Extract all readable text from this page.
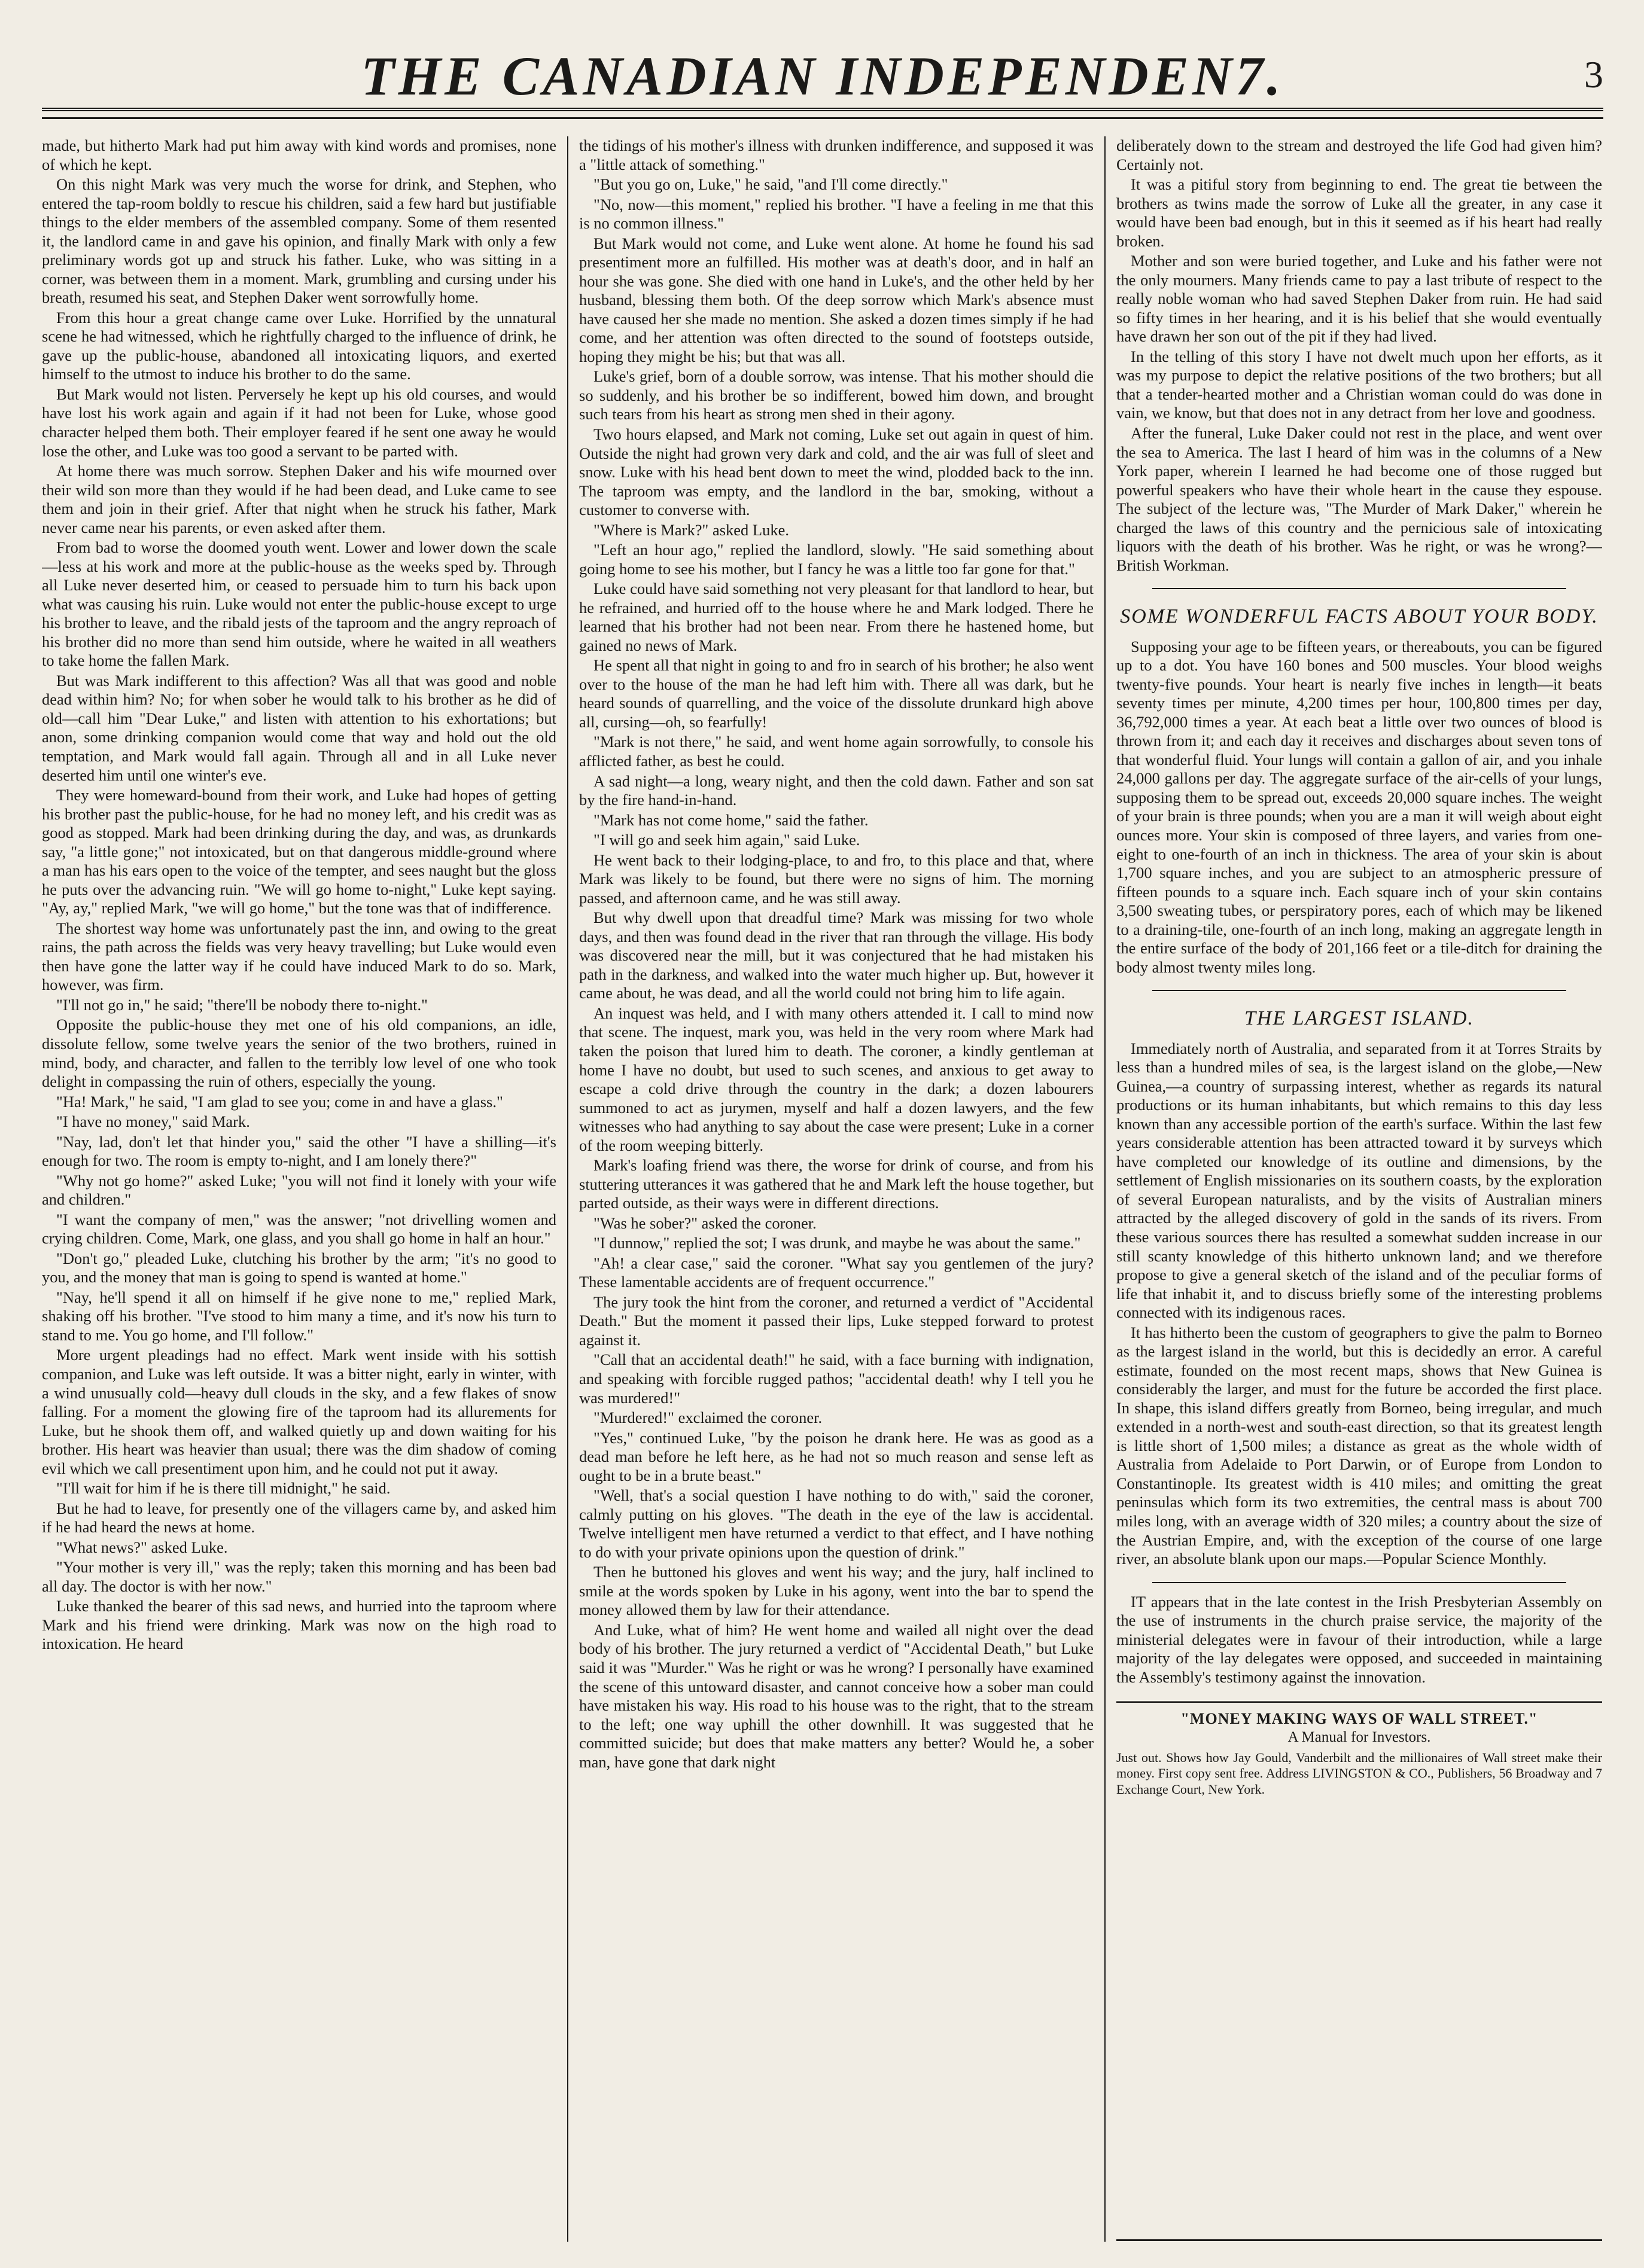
THE CANADIAN INDEPENDEN7.	3

made, but hitherto Mark had put him away with kind words and promises, none of which he kept.

On this night Mark was very much the worse for drink, and Stephen, who entered the tap-room boldly to rescue his children, said a few hard but justifiable things to the elder members of the assembled company. Some of them resented it, the landlord came in and gave his opinion, and finally Mark with only a few preliminary words got up and struck his father. Luke, who was sitting in a corner, was between them in a moment. Mark, grumbling and cursing under his breath, resumed his seat, and Stephen Daker went sorrowfully home.

From this hour a great change came over Luke. Horrified by the unnatural scene he had witnessed, which he rightfully charged to the influence of drink, he gave up the public-house, abandoned all intoxicating liquors, and exerted himself to the utmost to induce his brother to do the same.

But Mark would not listen. Perversely he kept up his old courses, and would have lost his work again and again if it had not been for Luke, whose good character helped them both. Their employer feared if he sent one away he would lose the other, and Luke was too good a servant to be parted with.

At home there was much sorrow. Stephen Daker and his wife mourned over their wild son more than they would if he had been dead, and Luke came to see them and join in their grief. After that night when he struck his father, Mark never came near his parents, or even asked after them.

From bad to worse the doomed youth went. Lower and lower down the scale—less at his work and more at the public-house as the weeks sped by. Through all Luke never deserted him, or ceased to persuade him to turn his back upon what was causing his ruin. Luke would not enter the public-house except to urge his brother to leave, and the ribald jests of the taproom and the angry reproach of his brother did no more than send him outside, where he waited in all weathers to take home the fallen Mark.

But was Mark indifferent to this affection? Was all that was good and noble dead within him? No; for when sober he would talk to his brother as he did of old—call him "Dear Luke," and listen with attention to his exhortations; but anon, some drinking companion would come that way and hold out the old temptation, and Mark would fall again. Through all and in all Luke never deserted him until one winter's eve.

They were homeward-bound from their work, and Luke had hopes of getting his brother past the public-house, for he had no money left, and his credit was as good as stopped. Mark had been drinking during the day, and was, as drunkards say, "a little gone;" not intoxicated, but on that dangerous middle-ground where a man has his ears open to the voice of the tempter, and sees naught but the gloss he puts over the advancing ruin. "We will go home to-night," Luke kept saying. "Ay, ay," replied Mark, "we will go home," but the tone was that of indifference.

The shortest way home was unfortunately past the inn, and owing to the great rains, the path across the fields was very heavy travelling; but Luke would even then have gone the latter way if he could have induced Mark to do so. Mark, however, was firm.

"I'll not go in," he said; "there'll be nobody there to-night."

Opposite the public-house they met one of his old companions, an idle, dissolute fellow, some twelve years the senior of the two brothers, ruined in mind, body, and character, and fallen to the terribly low level of one who took delight in compassing the ruin of others, especially the young.

"Ha! Mark," he said, "I am glad to see you; come in and have a glass."

"I have no money," said Mark.

"Nay, lad, don't let that hinder you," said the other "I have a shilling—it's enough for two. The room is empty to-night, and I am lonely there?"

"Why not go home?" asked Luke; "you will not find it lonely with your wife and children."

"I want the company of men," was the answer; "not drivelling women and crying children. Come, Mark, one glass, and you shall go home in half an hour."

"Don't go," pleaded Luke, clutching his brother by the arm; "it's no good to you, and the money that man is going to spend is wanted at home."

"Nay, he'll spend it all on himself if he give none to me," replied Mark, shaking off his brother. "I've stood to him many a time, and it's now his turn to stand to me. You go home, and I'll follow."

More urgent pleadings had no effect. Mark went inside with his sottish companion, and Luke was left outside. It was a bitter night, early in winter, with a wind unusually cold—heavy dull clouds in the sky, and a few flakes of snow falling. For a moment the glowing fire of the taproom had its allurements for Luke, but he shook them off, and walked quietly up and down waiting for his brother. His heart was heavier than usual; there was the dim shadow of coming evil which we call presentiment upon him, and he could not put it away.

"I'll wait for him if he is there till midnight," he said.

But he had to leave, for presently one of the villagers came by, and asked him if he had heard the news at home.

"What news?" asked Luke.

"Your mother is very ill," was the reply; taken this morning and has been bad all day. The doctor is with her now."

Luke thanked the bearer of this sad news, and hurried into the taproom where Mark and his friend were drinking. Mark was now on the high road to intoxication. He heard

the tidings of his mother's illness with drunken indifference, and supposed it was a "little attack of something."

"But you go on, Luke," he said, "and I'll come directly."

"No, now—this moment," replied his brother. "I have a feeling in me that this is no common illness."

But Mark would not come, and Luke went alone. At home he found his sad presentiment more an fulfilled. His mother was at death's door, and in half an hour she was gone. She died with one hand in Luke's, and the other held by her husband, blessing them both. Of the deep sorrow which Mark's absence must have caused her she made no mention. She asked a dozen times simply if he had come, and her attention was often directed to the sound of footsteps outside, hoping they might be his; but that was all.

Luke's grief, born of a double sorrow, was intense. That his mother should die so suddenly, and his brother be so indifferent, bowed him down, and brought such tears from his heart as strong men shed in their agony.

Two hours elapsed, and Mark not coming, Luke set out again in quest of him. Outside the night had grown very dark and cold, and the air was full of sleet and snow. Luke with his head bent down to meet the wind, plodded back to the inn. The taproom was empty, and the landlord in the bar, smoking, without a customer to converse with.

"Where is Mark?" asked Luke.

"Left an hour ago," replied the landlord, slowly. "He said something about going home to see his mother, but I fancy he was a little too far gone for that."

Luke could have said something not very pleasant for that landlord to hear, but he refrained, and hurried off to the house where he and Mark lodged. There he learned that his brother had not been near. From there he hastened home, but gained no news of Mark.

He spent all that night in going to and fro in search of his brother; he also went over to the house of the man he had left him with. There all was dark, but he heard sounds of quarrelling, and the voice of the dissolute drunkard high above all, cursing—oh, so fearfully!

"Mark is not there," he said, and went home again sorrowfully, to console his afflicted father, as best he could.

A sad night—a long, weary night, and then the cold dawn. Father and son sat by the fire hand-in-hand.

"Mark has not come home," said the father.

"I will go and seek him again," said Luke.

He went back to their lodging-place, to and fro, to this place and that, where Mark was likely to be found, but there were no signs of him. The morning passed, and afternoon came, and he was still away.

But why dwell upon that dreadful time? Mark was missing for two whole days, and then was found dead in the river that ran through the village. His body was discovered near the mill, but it was conjectured that he had mistaken his path in the darkness, and walked into the water much higher up. But, however it came about, he was dead, and all the world could not bring him to life again.

An inquest was held, and I with many others attended it. I call to mind now that scene. The inquest, mark you, was held in the very room where Mark had taken the poison that lured him to death. The coroner, a kindly gentleman at home I have no doubt, but used to such scenes, and anxious to get away to escape a cold drive through the country in the dark; a dozen labourers summoned to act as jurymen, myself and half a dozen lawyers, and the few witnesses who had anything to say about the case were present; Luke in a corner of the room weeping bitterly.

Mark's loafing friend was there, the worse for drink of course, and from his stuttering utterances it was gathered that he and Mark left the house together, but parted outside, as their ways were in different directions.

"Was he sober?" asked the coroner.

"I dunnow," replied the sot; I was drunk, and maybe he was about the same."

"Ah! a clear case," said the coroner. "What say you gentlemen of the jury? These lamentable accidents are of frequent occurrence."

The jury took the hint from the coroner, and returned a verdict of "Accidental Death." But the moment it passed their lips, Luke stepped forward to protest against it.

"Call that an accidental death!" he said, with a face burning with indignation, and speaking with forcible rugged pathos; "accidental death! why I tell you he was murdered!"

"Murdered!" exclaimed the coroner.

"Yes," continued Luke, "by the poison he drank here. He was as good as a dead man before he left here, as he had not so much reason and sense left as ought to be in a brute beast."

"Well, that's a social question I have nothing to do with," said the coroner, calmly putting on his gloves. "The death in the eye of the law is accidental. Twelve intelligent men have returned a verdict to that effect, and I have nothing to do with your private opinions upon the question of drink."

Then he buttoned his gloves and went his way; and the jury, half inclined to smile at the words spoken by Luke in his agony, went into the bar to spend the money allowed them by law for their attendance.

And Luke, what of him? He went home and wailed all night over the dead body of his brother. The jury returned a verdict of "Accidental Death," but Luke said it was "Murder." Was he right or was he wrong? I personally have examined the scene of this untoward disaster, and cannot conceive how a sober man could have mistaken his way. His road to his house was to the right, that to the stream to the left; one way uphill the other downhill. It was suggested that he committed suicide; but does that make matters any better? Would he, a sober man, have gone that dark night

deliberately down to the stream and destroyed the life God had given him? Certainly not.

It was a pitiful story from beginning to end. The great tie between the brothers as twins made the sorrow of Luke all the greater, in any case it would have been bad enough, but in this it seemed as if his heart had really broken.

Mother and son were buried together, and Luke and his father were not the only mourners. Many friends came to pay a last tribute of respect to the really noble woman who had saved Stephen Daker from ruin. He had said so fifty times in her hearing, and it is his belief that she would eventually have drawn her son out of the pit if they had lived.

In the telling of this story I have not dwelt much upon her efforts, as it was my purpose to depict the relative positions of the two brothers; but all that a tender-hearted mother and a Christian woman could do was done in vain, we know, but that does not in any detract from her love and goodness.

After the funeral, Luke Daker could not rest in the place, and went over the sea to America. The last I heard of him was in the columns of a New York paper, wherein I learned he had become one of those rugged but powerful speakers who have their whole heart in the cause they espouse. The subject of the lecture was, "The Murder of Mark Daker," wherein he charged the laws of this country and the pernicious sale of intoxicating liquors with the death of his brother. Was he right, or was he wrong?—British Workman.

SOME WONDERFUL FACTS ABOUT YOUR BODY.

Supposing your age to be fifteen years, or thereabouts, you can be figured up to a dot. You have 160 bones and 500 muscles. Your blood weighs twenty-five pounds. Your heart is nearly five inches in length—it beats seventy times per minute, 4,200 times per hour, 100,800 times per day, 36,792,000 times a year. At each beat a little over two ounces of blood is thrown from it; and each day it receives and discharges about seven tons of that wonderful fluid. Your lungs will contain a gallon of air, and you inhale 24,000 gallons per day. The aggregate surface of the air-cells of your lungs, supposing them to be spread out, exceeds 20,000 square inches. The weight of your brain is three pounds; when you are a man it will weigh about eight ounces more. Your skin is composed of three layers, and varies from one-eight to one-fourth of an inch in thickness. The area of your skin is about 1,700 square inches, and you are subject to an atmospheric pressure of fifteen pounds to a square inch. Each square inch of your skin contains 3,500 sweating tubes, or perspiratory pores, each of which may be likened to a draining-tile, one-fourth of an inch long, making an aggregate length in the entire surface of the body of 201,166 feet or a tile-ditch for draining the body almost twenty miles long.

THE LARGEST ISLAND.

Immediately north of Australia, and separated from it at Torres Straits by less than a hundred miles of sea, is the largest island on the globe,—New Guinea,—a country of surpassing interest, whether as regards its natural productions or its human inhabitants, but which remains to this day less known than any accessible portion of the earth's surface. Within the last few years considerable attention has been attracted toward it by surveys which have completed our knowledge of its outline and dimensions, by the settlement of English missionaries on its southern coasts, by the exploration of several European naturalists, and by the visits of Australian miners attracted by the alleged discovery of gold in the sands of its rivers. From these various sources there has resulted a somewhat sudden increase in our still scanty knowledge of this hitherto unknown land; and we therefore propose to give a general sketch of the island and of the peculiar forms of life that inhabit it, and to discuss briefly some of the interesting problems connected with its indigenous races.

It has hitherto been the custom of geographers to give the palm to Borneo as the largest island in the world, but this is decidedly an error. A careful estimate, founded on the most recent maps, shows that New Guinea is considerably the larger, and must for the future be accorded the first place. In shape, this island differs greatly from Borneo, being irregular, and much extended in a north-west and south-east direction, so that its greatest length is little short of 1,500 miles; a distance as great as the whole width of Australia from Adelaide to Port Darwin, or of Europe from London to Constantinople. Its greatest width is 410 miles; and omitting the great peninsulas which form its two extremities, the central mass is about 700 miles long, with an average width of 320 miles; a country about the size of the Austrian Empire, and, with the exception of the course of one large river, an absolute blank upon our maps.—Popular Science Monthly.

IT appears that in the late contest in the Irish Presbyterian Assembly on the use of instruments in the church praise service, the majority of the ministerial delegates were in favour of their introduction, while a large majority of the lay delegates were opposed, and succeeded in maintaining the Assembly's testimony against the innovation.

"MONEY MAKING WAYS OF WALL STREET."
A Manual for Investors.
Just out. Shows how Jay Gould, Vanderbilt and the millionaires of Wall street make their money. First copy sent free. Address LIVINGSTON & CO., Publishers, 56 Broadway and 7 Exchange Court, New York.
